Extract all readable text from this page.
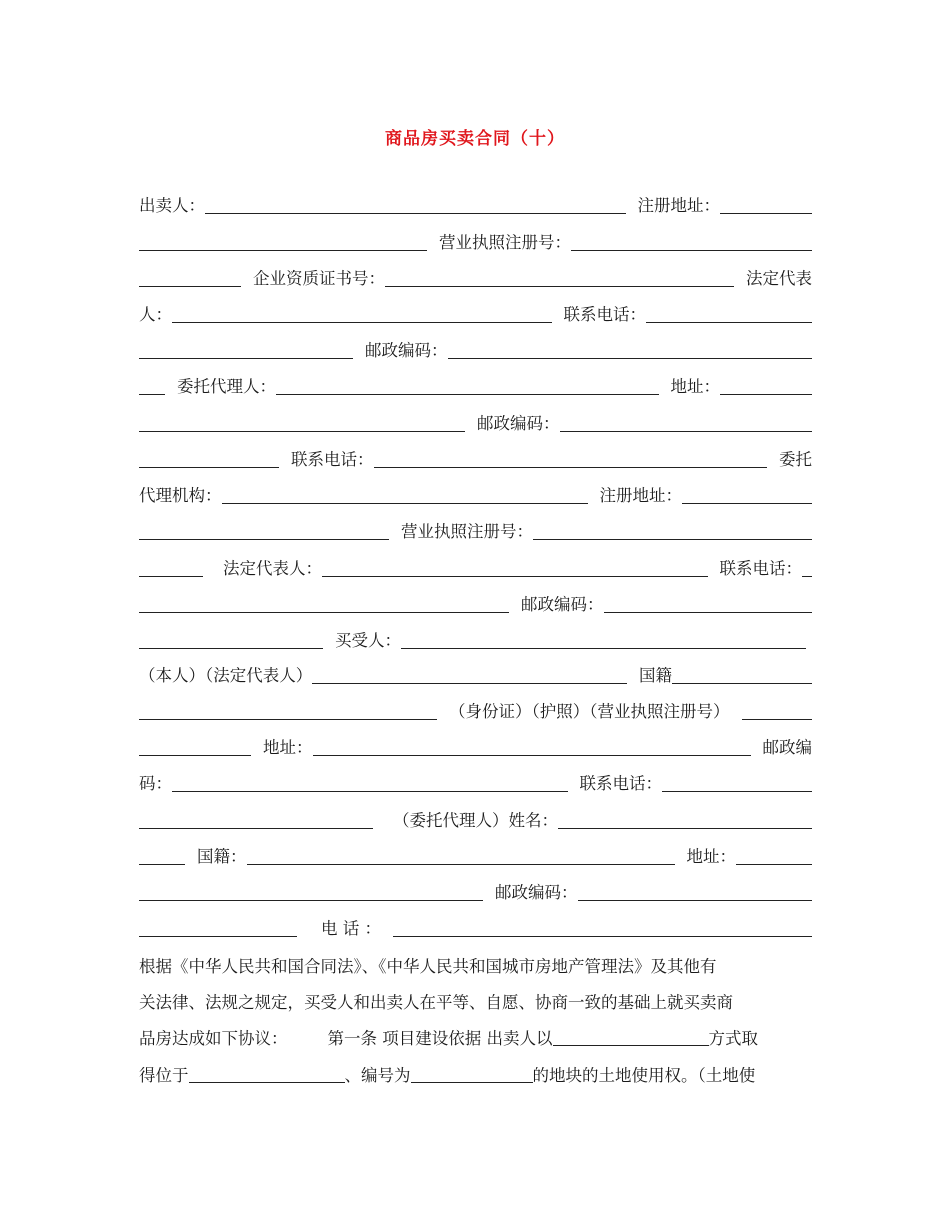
商品房买卖合同（十）
出卖人：	注册地址：
营业执照注册号：
企业资质证书号：	法定代表
人：	联系电话：
邮政编码：
委托代理人：	地址：
邮政编码：
联系电话：	委托
代理机构：	注册地址：
营业执照注册号：
法定代表人：	联系电话：
邮政编码：
买受人：
（本人）（法定代表人）	国籍
（身份证）（护照）（营业执照注册号）
地址：	邮政编
码：	联系电话：
（委托代理人）姓名：
国籍：	地址：
邮政编码：
电 话 ：
根据《中华人民共和国合同法》、《中华人民共和国城市房地产管理法》及其他有
关法律、法规之规定，买受人和出卖人在平等、自愿、协商一致的基础上就买卖商
品房达成如下协议： 第一条 项目建设依据 出卖人以	方式取
得位于	、编号为	的地块的土地使用权。（土地使
